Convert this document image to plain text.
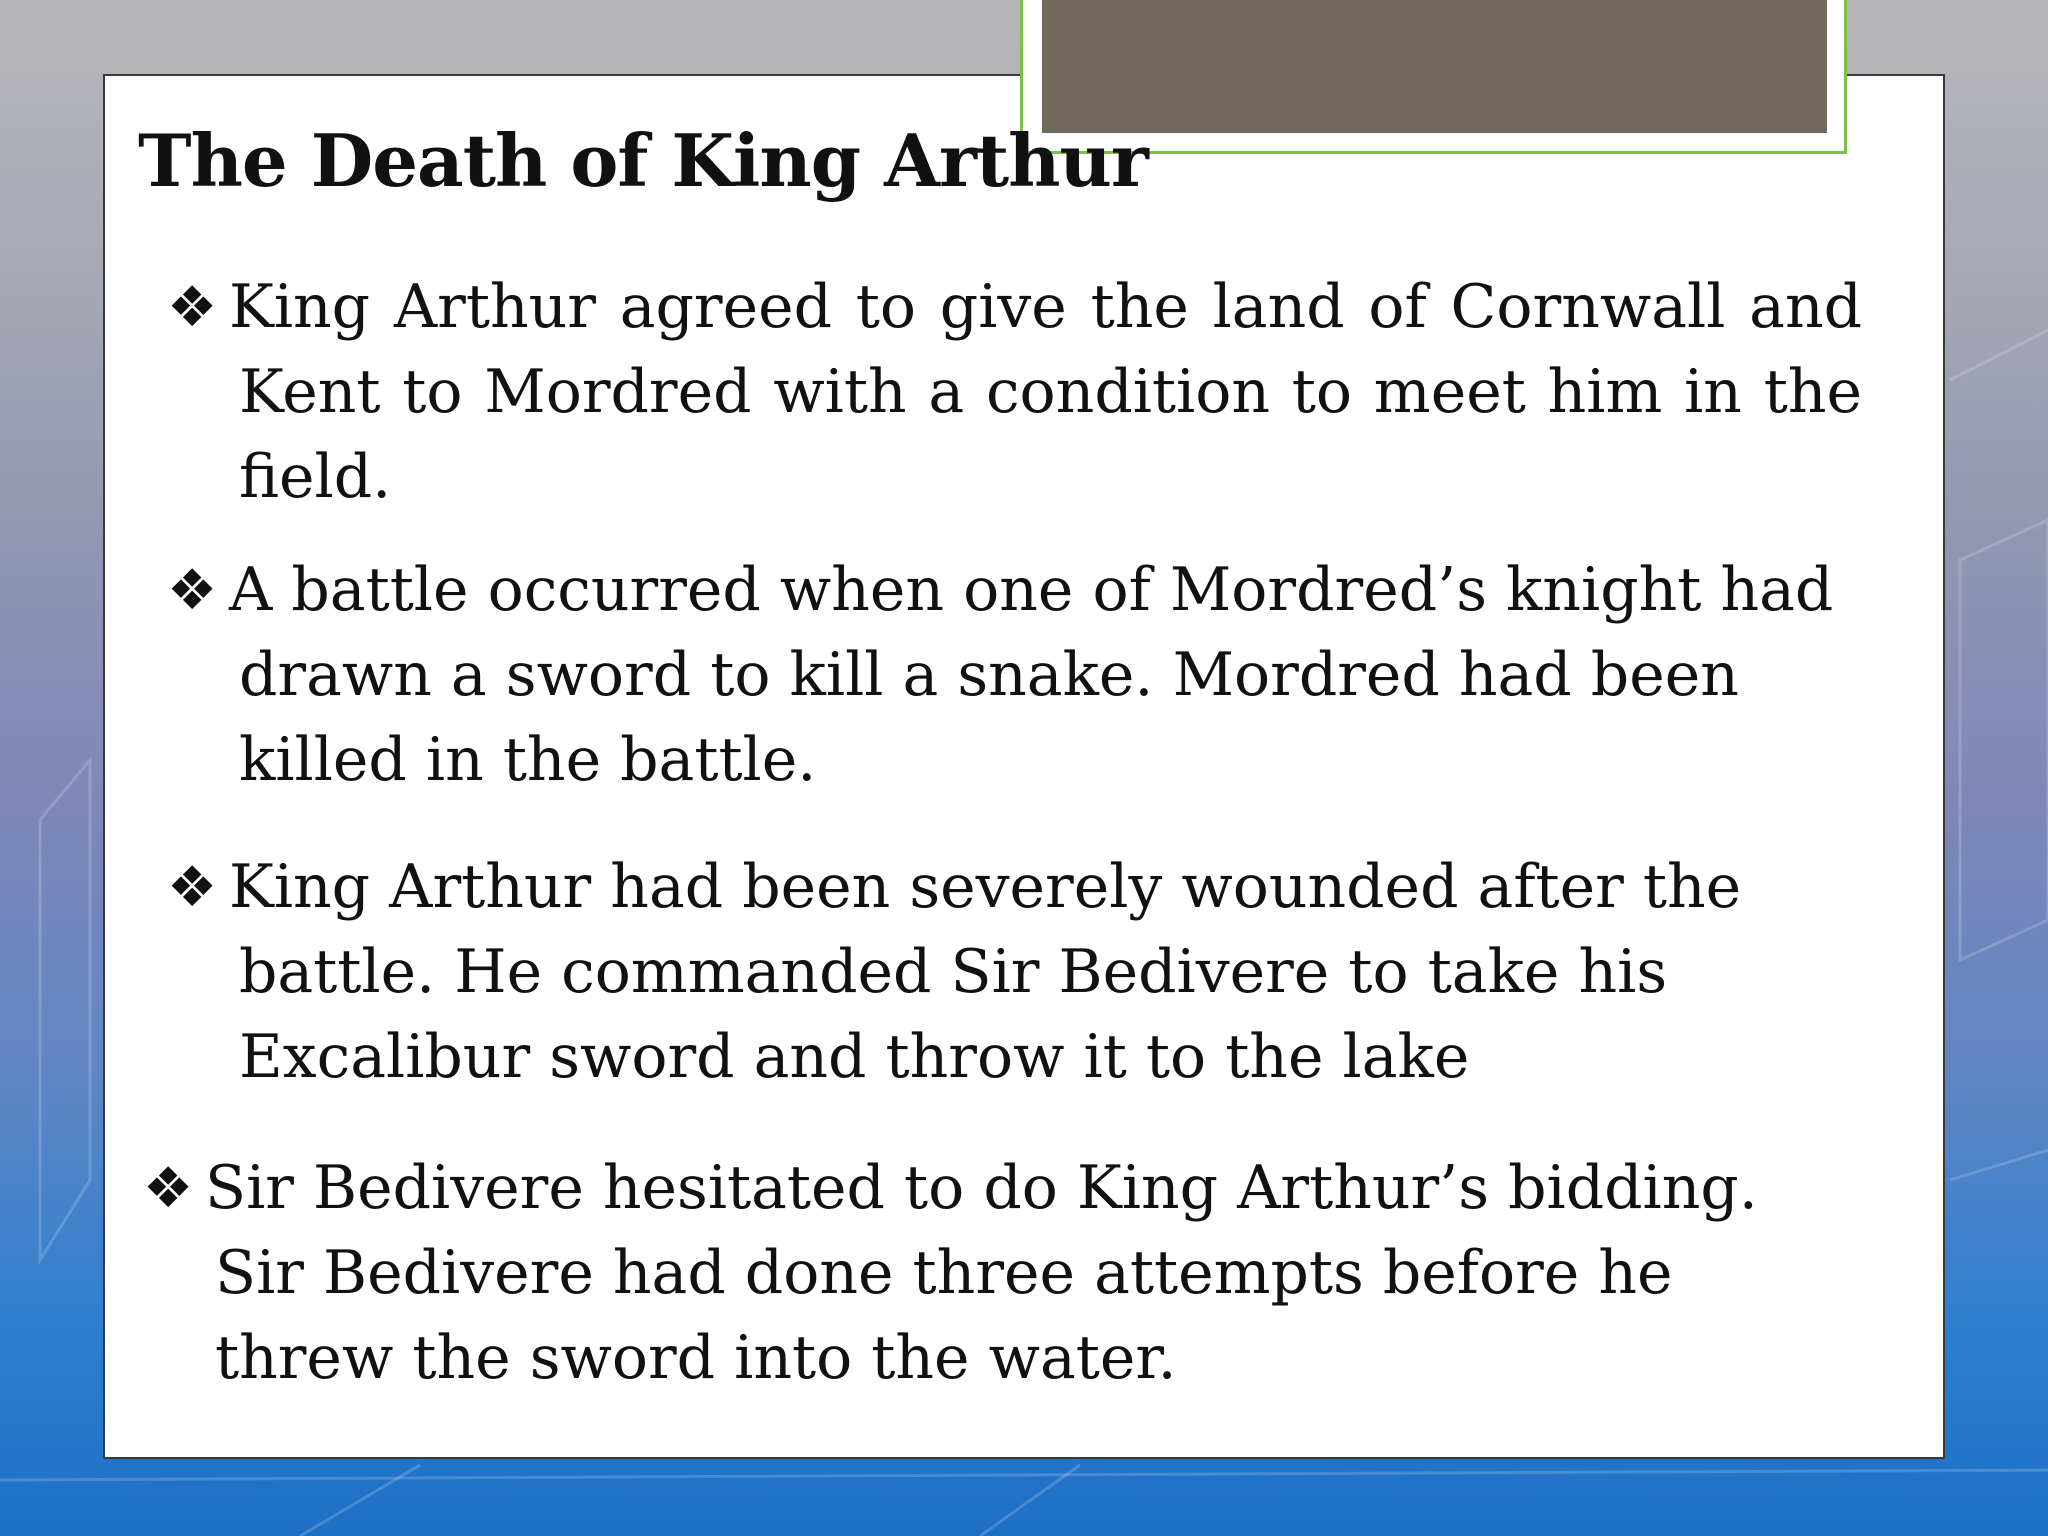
The Death of King Arthur
❖ King Arthur agreed to give the land of Cornwall and Kent to Mordred with a condition to meet him in the field.
❖ A battle occurred when one of Mordred’s knight had drawn a sword to kill a snake. Mordred had been killed in the battle.
❖ King Arthur had been severely wounded after the battle. He commanded Sir Bedivere to take his Excalibur sword and throw it to the lake
❖ Sir Bedivere hesitated to do King Arthur’s bidding. Sir Bedivere had done three attempts before he threw the sword into the water.
